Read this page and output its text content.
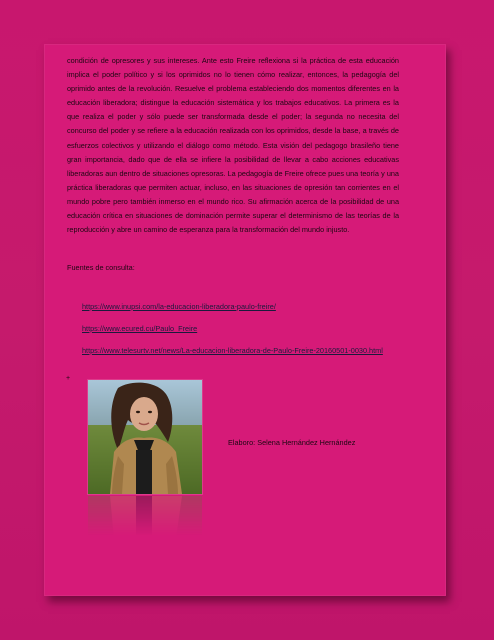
condición de opresores y sus intereses. Ante esto Freire reflexiona si la práctica de esta educación implica el poder político y si los oprimidos no lo tienen cómo realizar, entonces, la pedagogía del oprimido antes de la revolución. Resuelve el problema estableciendo dos momentos diferentes en la educación liberadora; distingue la educación sistemática y los trabajos educativos. La primera es la que realiza el poder y sólo puede ser transformada desde el poder; la segunda no necesita del concurso del poder y se refiere a la educación realizada con los oprimidos, desde la base, a través de esfuerzos colectivos y utilizando el diálogo como método. Esta visión del pedagogo brasileño tiene gran importancia, dado que de ella se infiere la posibilidad de llevar a cabo acciones educativas liberadoras aun dentro de situaciones opresoras. La pedagogía de Freire ofrece pues una teoría y una práctica liberadoras que permiten actuar, incluso, en las situaciones de opresión tan corrientes en el mundo pobre pero también inmerso en el mundo rico. Su afirmación acerca de la posibilidad de una educación crítica en situaciones de dominación permite superar el determinismo de las teorías de la reproducción y abre un camino de esperanza para la transformación del mundo injusto.

Fuentes de consulta:

https://www.inupsi.com/la-educacion-liberadora-paulo-freire/
https://www.ecured.cu/Paulo_Freire
https://www.telesurtv.net/news/La-educacion-liberadora-de-Paulo-Freire-20160501-0030.html
+

Elaboro: Selena Hernández Hernández
